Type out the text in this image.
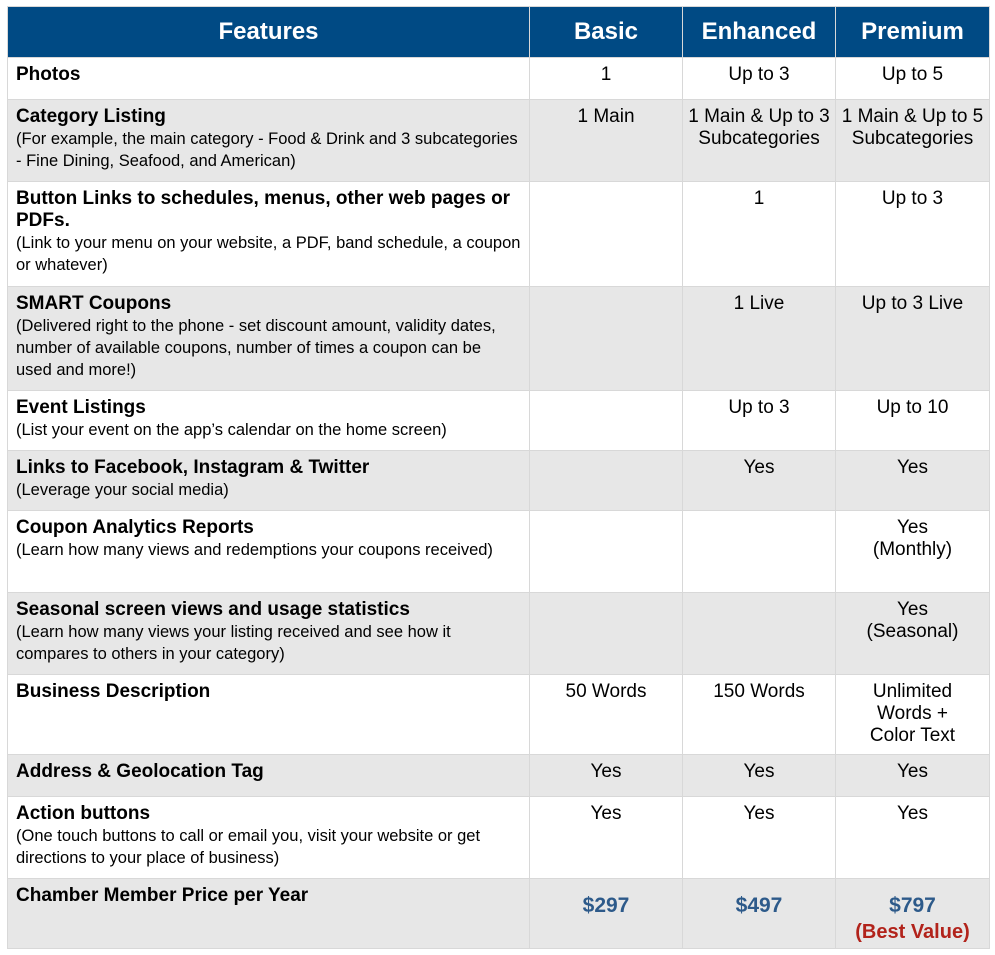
Features	Basic	Enhanced	Premium

Photos	1	Up to 3	Up to 5

Category Listing
(For example, the main category - Food & Drink and 3 subcategories - Fine Dining, Seafood, and American)	1 Main	1 Main & Up to 3 Subcategories	1 Main & Up to 5 Subcategories

Button Links to schedules, menus, other web pages or PDFs.
(Link to your menu on your website, a PDF, band schedule, a coupon or whatever)		1	Up to 3

SMART Coupons
(Delivered right to the phone - set discount amount, validity dates, number of available coupons, number of times a coupon can be used and more!)		1 Live	Up to 3 Live

Event Listings
(List your event on the app’s calendar on the home screen)		Up to 3	Up to 10

Links to Facebook, Instagram & Twitter
(Leverage your social media)		Yes	Yes

Coupon Analytics Reports
(Learn how many views and redemptions your coupons received)			Yes (Monthly)

Seasonal screen views and usage statistics
(Learn how many views your listing received and see how it compares to others in your category)			Yes (Seasonal)

Business Description	50 Words	150 Words	Unlimited Words + Color Text

Address & Geolocation Tag	Yes	Yes	Yes

Action buttons
(One touch buttons to call or email you, visit your website or get directions to your place of business)	Yes	Yes	Yes

Chamber Member Price per Year	$297	$497	$797
(Best Value)
